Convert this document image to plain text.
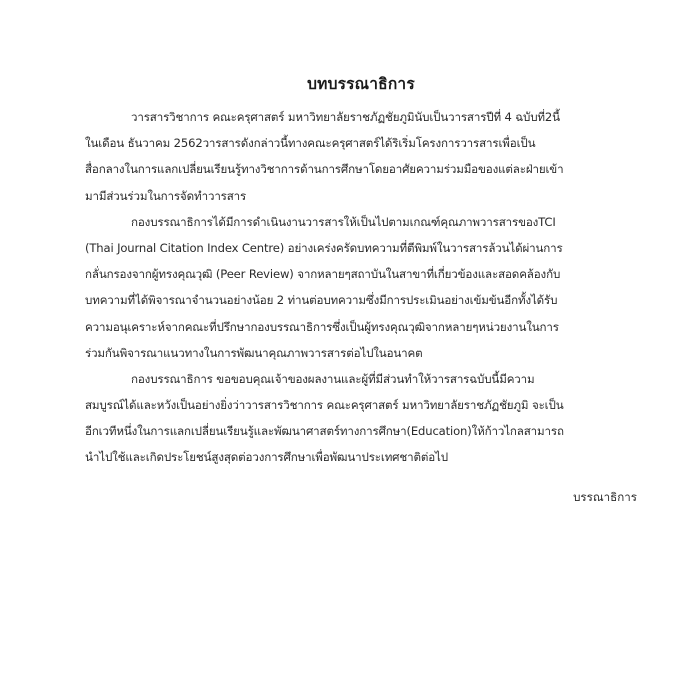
บทบรรณาธิการ
วารสารวิชาการ คณะครุศาสตร์ มหาวิทยาลัยราชภัฏชัยภูมินับเป็นวารสารปีที่ 4 ฉบับที่2นี้
ในเดือน ธันวาคม 2562วารสารดังกล่าวนี้ทางคณะครุศาสตร์ได้ริเริ่มโครงการวารสารเพื่อเป็น
สื่อกลางในการแลกเปลี่ยนเรียนรู้ทางวิชาการด้านการศึกษาโดยอาศัยความร่วมมือของแต่ละฝ่ายเข้า
มามีส่วนร่วมในการจัดทำวารสาร
กองบรรณาธิการได้มีการดำเนินงานวารสารให้เป็นไปตามเกณฑ์คุณภาพวารสารของTCI
(Thai Journal Citation Index Centre) อย่างเคร่งครัดบทความที่ตีพิมพ์ในวารสารล้วนได้ผ่านการ
กลั่นกรองจากผู้ทรงคุณวุฒิ (Peer Review) จากหลายๆสถาบันในสาขาที่เกี่ยวข้องและสอดคล้องกับ
บทความที่ได้พิจารณาจำนวนอย่างน้อย 2 ท่านต่อบทความซึ่งมีการประเมินอย่างเข้มข้นอีกทั้งได้รับ
ความอนุเคราะห์จากคณะที่ปรึกษากองบรรณาธิการซึ่งเป็นผู้ทรงคุณวุฒิจากหลายๆหน่วยงานในการ
ร่วมกันพิจารณาแนวทางในการพัฒนาคุณภาพวารสารต่อไปในอนาคต
กองบรรณาธิการ ขอขอบคุณเจ้าของผลงานและผู้ที่มีส่วนทำให้วารสารฉบับนี้มีความ
สมบูรณ์ได้และหวังเป็นอย่างยิ่งว่าวารสารวิชาการ คณะครุศาสตร์ มหาวิทยาลัยราชภัฏชัยภูมิ จะเป็น
อีกเวทีหนึ่งในการแลกเปลี่ยนเรียนรู้และพัฒนาศาสตร์ทางการศึกษา(Education)ให้ก้าวไกลสามารถ
นำไปใช้และเกิดประโยชน์สูงสุดต่อวงการศึกษาเพื่อพัฒนาประเทศชาติต่อไป
บรรณาธิการ
